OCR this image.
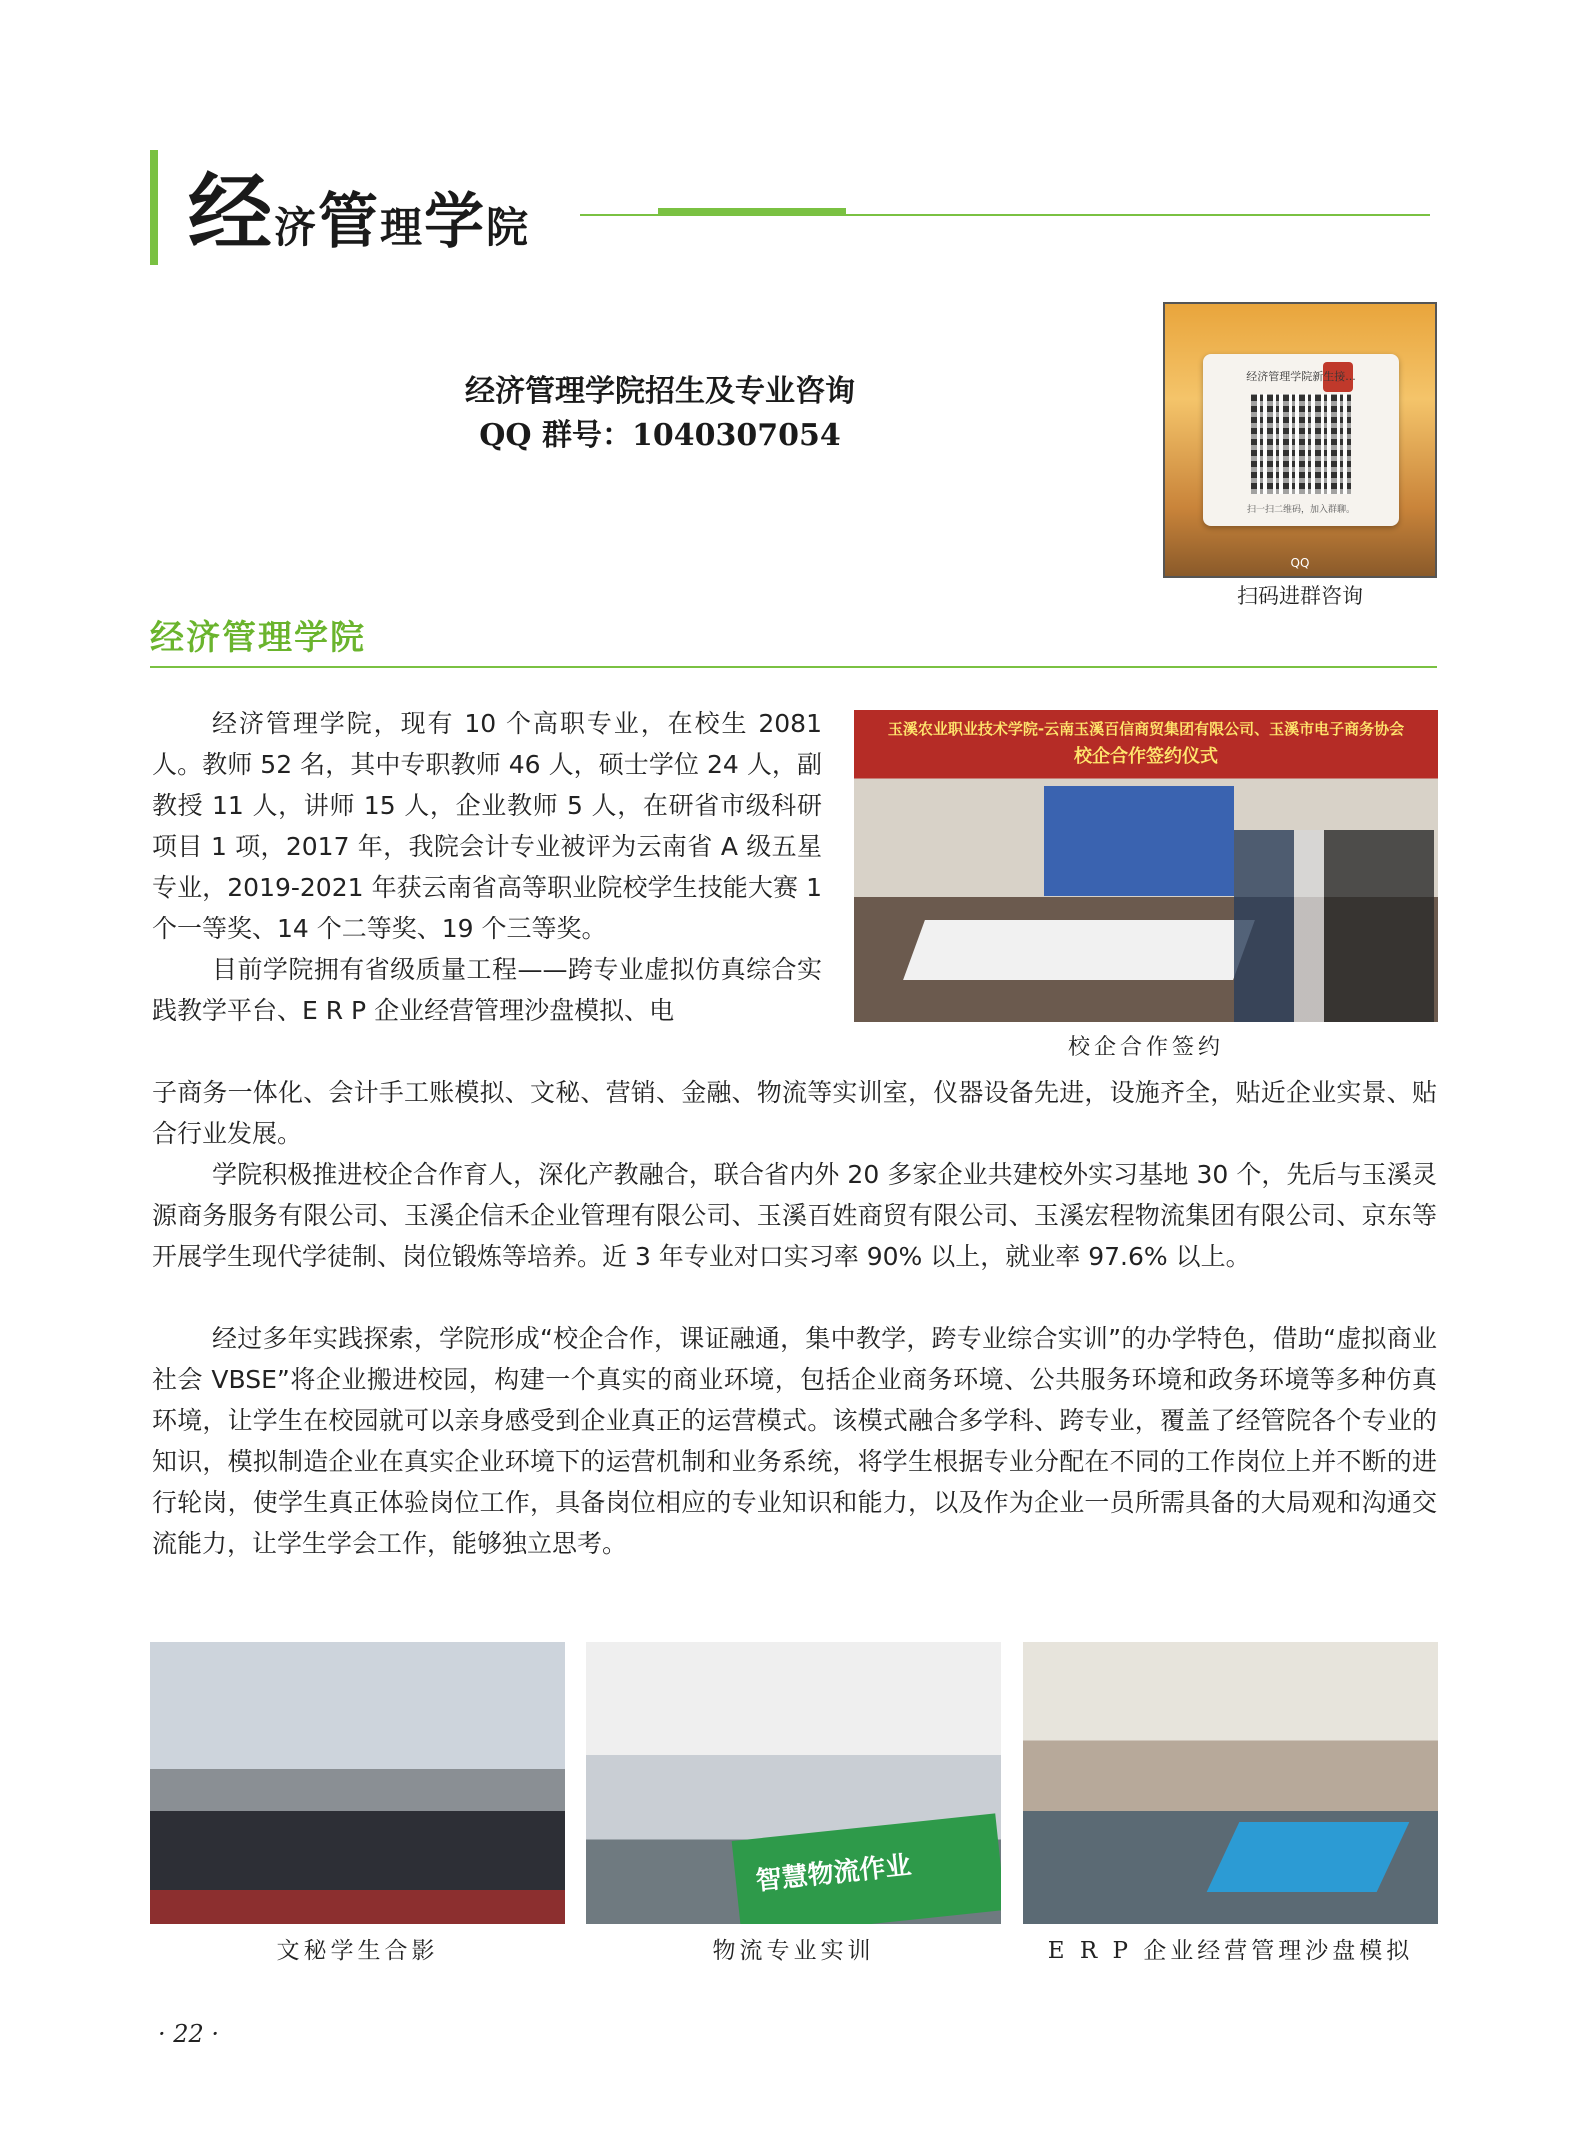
经 济 管 理 学 院
经济管理学院招生及专业咨询
QQ 群号：1040307054
经济管理学院新生接...
扫一扫二维码，加入群聊。
QQ
扫码进群咨询
经济管理学院

经济管理学院，现有 10 个高职专业，在校生 2081 人。教师 52 名，其中专职教师 46 人，硕士学位 24 人，副教授 11 人，讲师 15 人，企业教师 5 人，在研省市级科研项目 1 项，2017 年，我院会计专业被评为云南省 A 级五星专业，2019-2021 年获云南省高等职业院校学生技能大赛 1 个一等奖、14 个二等奖、19 个三等奖。

目前学院拥有省级质量工程——跨专业虚拟仿真综合实践教学平台、E R P 企业经营管理沙盘模拟、电

子商务一体化、会计手工账模拟、文秘、营销、金融、物流等实训室，仪器设备先进，设施齐全，贴近企业实景、贴合行业发展。

学院积极推进校企合作育人，深化产教融合，联合省内外 20 多家企业共建校外实习基地 30 个，先后与玉溪灵源商务服务有限公司、玉溪企信禾企业管理有限公司、玉溪百姓商贸有限公司、玉溪宏程物流集团有限公司、京东等开展学生现代学徒制、岗位锻炼等培养。近 3 年专业对口实习率 90% 以上，就业率 97.6% 以上。

经过多年实践探索，学院形成“校企合作，课证融通，集中教学，跨专业综合实训”的办学特色，借助“虚拟商业社会 VBSE”将企业搬进校园，构建一个真实的商业环境，包括企业商务环境、公共服务环境和政务环境等多种仿真环境，让学生在校园就可以亲身感受到企业真正的运营模式。该模式融合多学科、跨专业，覆盖了经管院各个专业的知识，模拟制造企业在真实企业环境下的运营机制和业务系统，将学生根据专业分配在不同的工作岗位上并不断的进行轮岗，使学生真正体验岗位工作，具备岗位相应的专业知识和能力，以及作为企业一员所需具备的大局观和沟通交流能力，让学生学会工作，能够独立思考。

玉溪农业职业技术学院-云南玉溪百信商贸集团有限公司、玉溪市电子商务协会
校企合作签约仪式
校企合作签约
智慧物流作业
文秘学生合影	物流专业实训	E R P 企业经营管理沙盘模拟
· 22 ·
